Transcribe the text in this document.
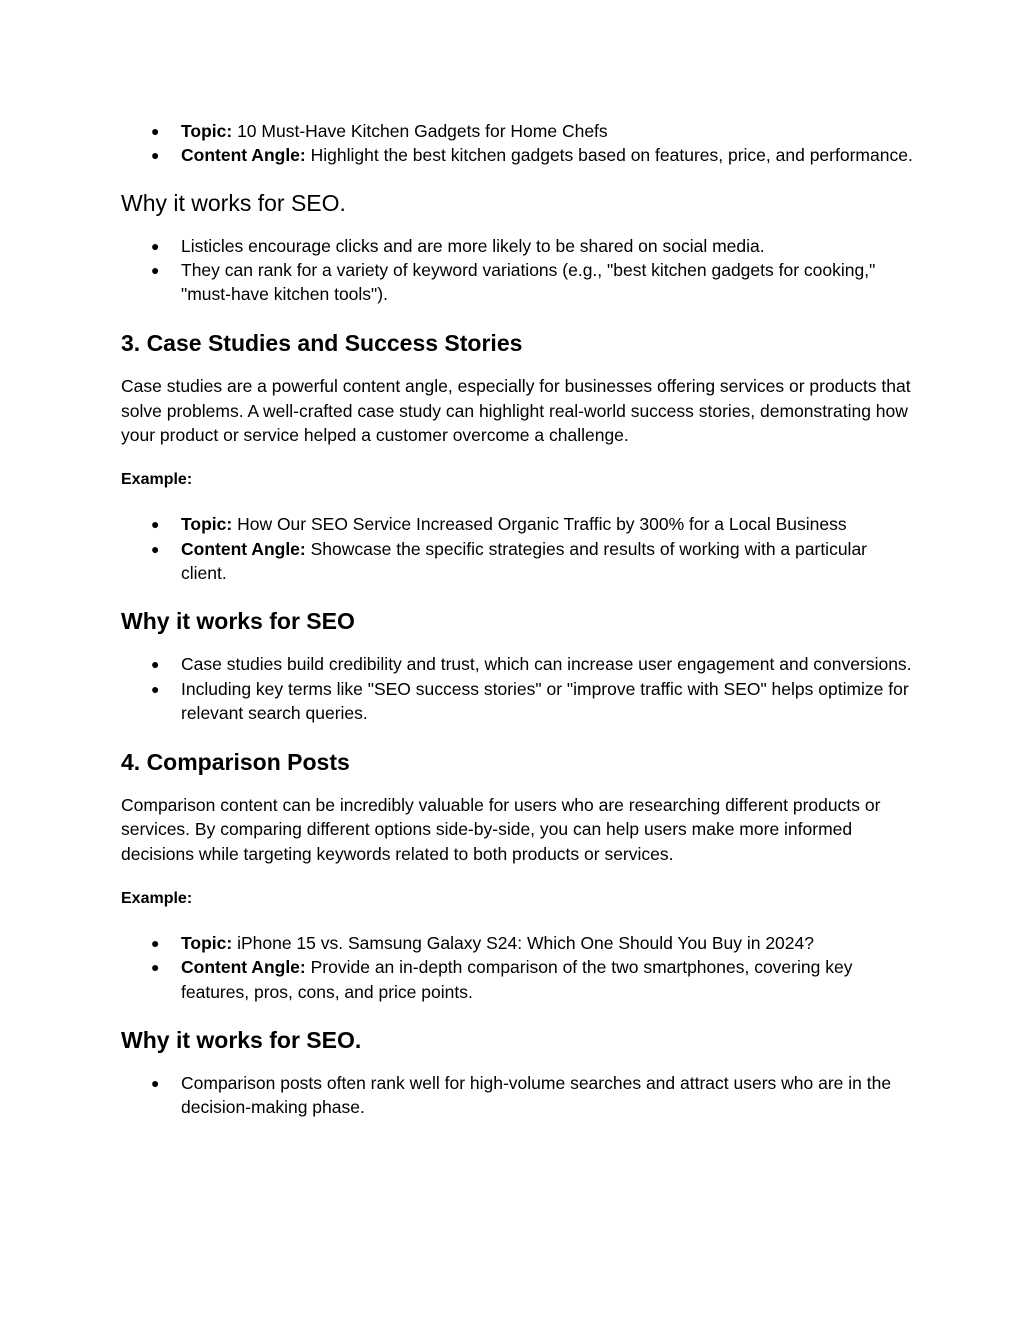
● Topic: 10 Must-Have Kitchen Gadgets for Home Chefs
● Content Angle: Highlight the best kitchen gadgets based on features, price, and performance.
Why it works for SEO.
● Listicles encourage clicks and are more likely to be shared on social media.
● They can rank for a variety of keyword variations (e.g., "best kitchen gadgets for cooking," "must-have kitchen tools").
3. Case Studies and Success Stories

Case studies are a powerful content angle, especially for businesses offering services or products that solve problems. A well-crafted case study can highlight real-world success stories, demonstrating how your product or service helped a customer overcome a challenge.

Example:

● Topic: How Our SEO Service Increased Organic Traffic by 300% for a Local Business
● Content Angle: Showcase the specific strategies and results of working with a particular client.
Why it works for SEO
● Case studies build credibility and trust, which can increase user engagement and conversions.
● Including key terms like "SEO success stories" or "improve traffic with SEO" helps optimize for relevant search queries.
4. Comparison Posts

Comparison content can be incredibly valuable for users who are researching different products or services. By comparing different options side-by-side, you can help users make more informed decisions while targeting keywords related to both products or services.

Example:

● Topic: iPhone 15 vs. Samsung Galaxy S24: Which One Should You Buy in 2024?
● Content Angle: Provide an in-depth comparison of the two smartphones, covering key features, pros, cons, and price points.
Why it works for SEO.
● Comparison posts often rank well for high-volume searches and attract users who are in the decision-making phase.
